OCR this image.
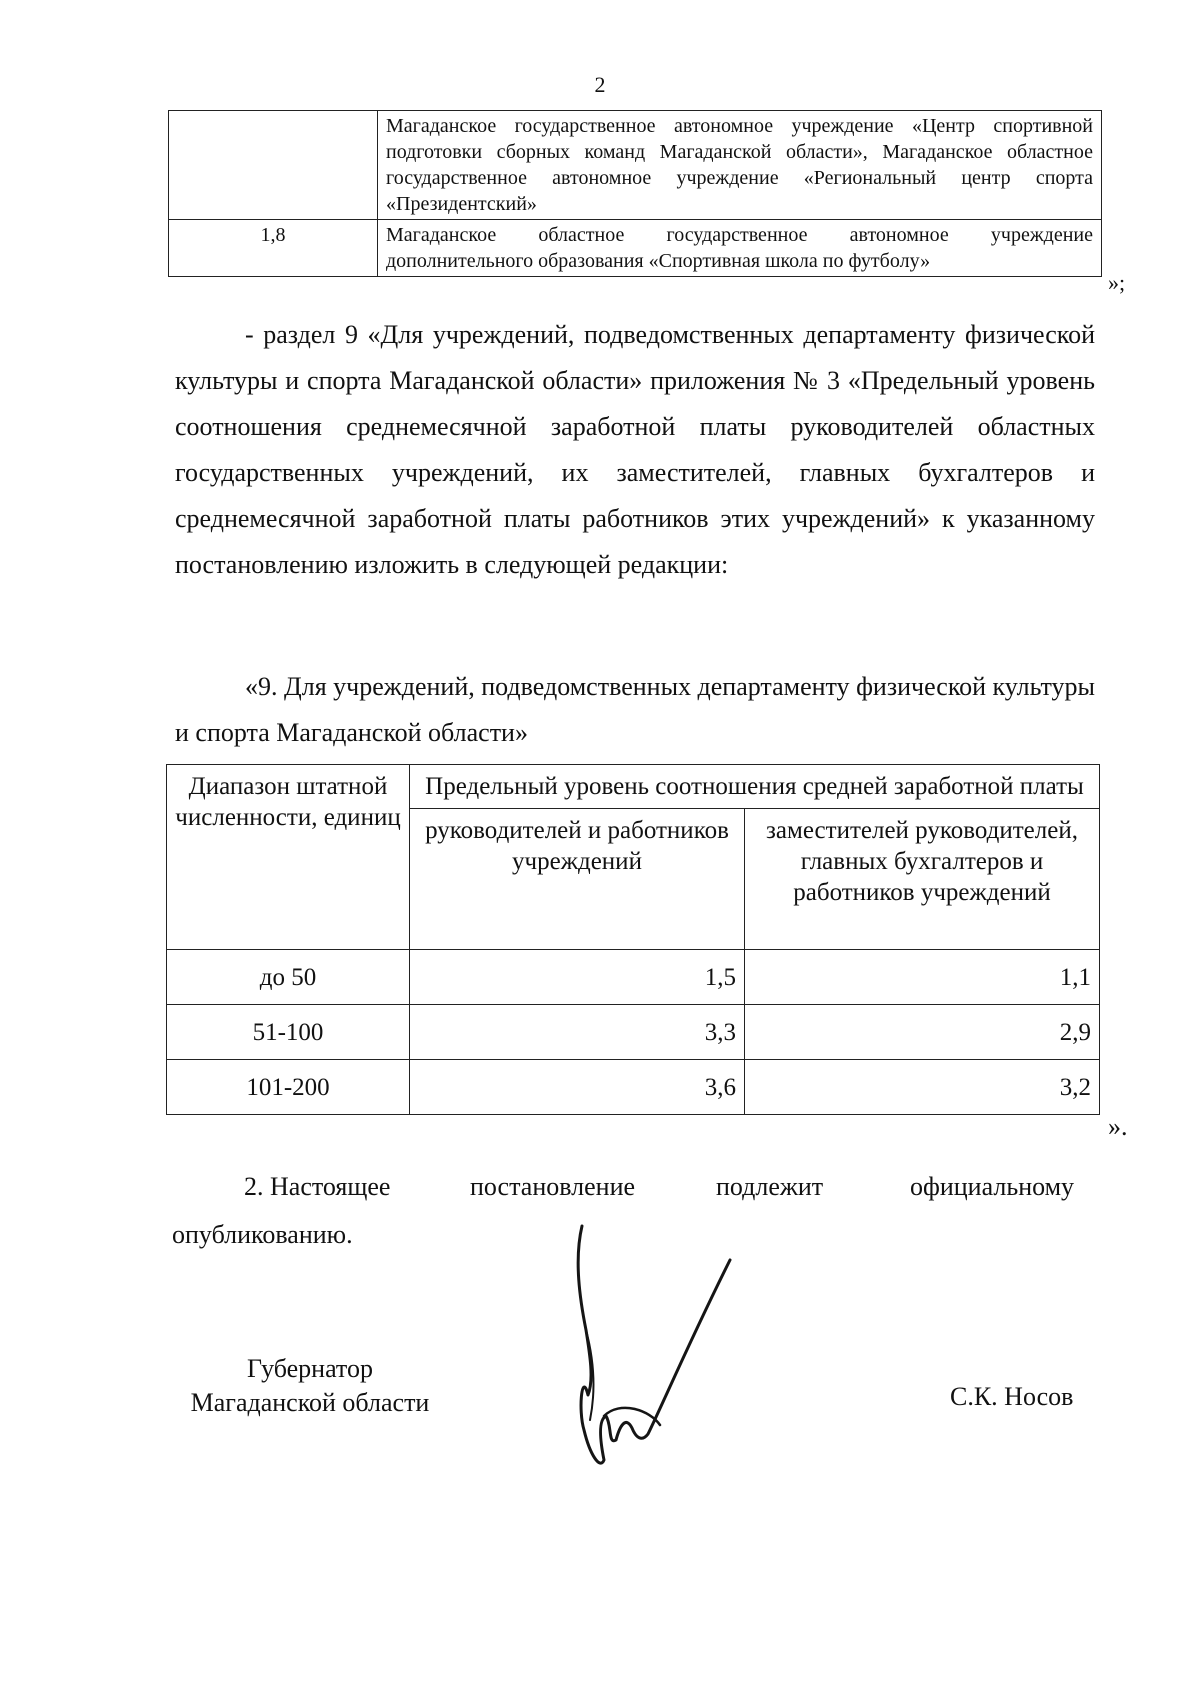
2
	Магаданское государственное автономное учреждение «Центр спортивной подготовки сборных команд Магаданской области», Магаданское областное государственное автономное учреждение «Региональный центр спорта «Президентский»
1,8	Магаданское областное государственное автономное учреждение дополнительного образования «Спортивная школа по футболу»
»;
- раздел 9 «Для учреждений, подведомственных департаменту физической культуры и спорта Магаданской области» приложения № 3 «Предельный уровень соотношения среднемесячной заработной платы руководителей областных государственных учреждений, их заместителей, главных бухгалтеров и среднемесячной заработной платы работников этих учреждений» к указанному постановлению изложить в следующей редакции:
«9. Для учреждений, подведомственных департаменту физической культуры и спорта Магаданской области»
Диапазон штатной численности, единиц	Предельный уровень соотношения средней заработной платы	
	руководителей и работников учреждений	заместителей руководителей, главных бухгалтеров и работников учреждений
до 50	1,5	1,1
51-100	3,3	2,9
101-200	3,6	3,2
».
2. Настоящее	постановление	подлежит	официальному
опубликованию.
Губернатор
Магаданской области	С.К. Носов
